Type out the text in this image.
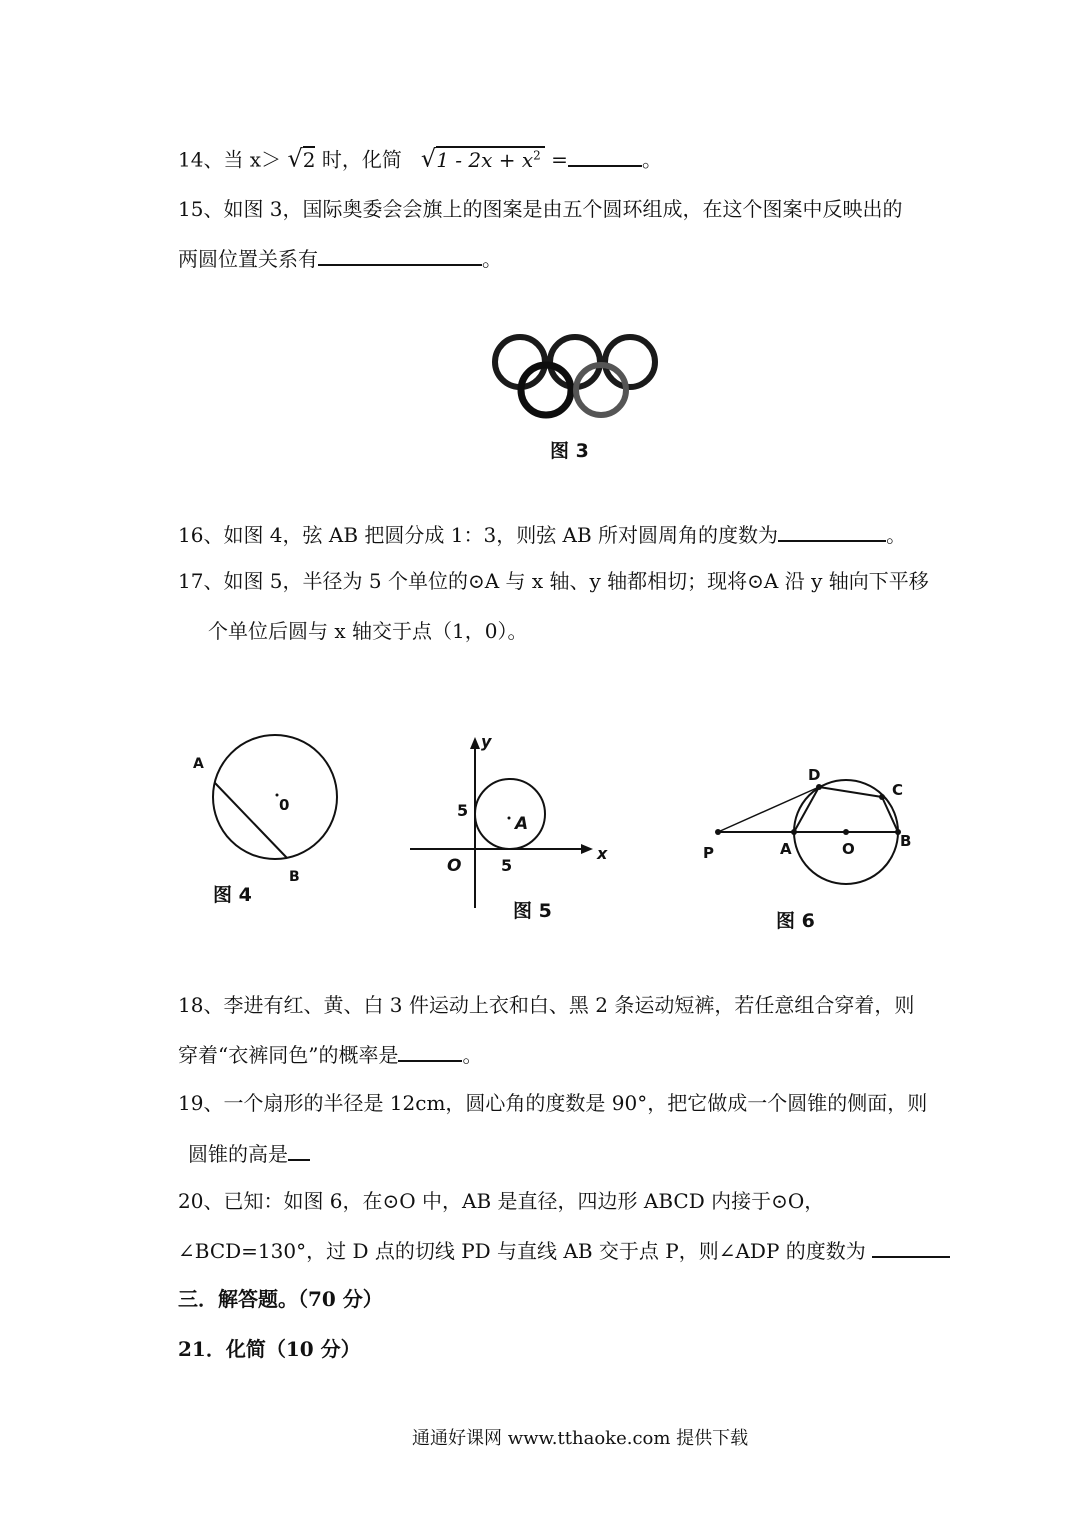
14、当 x＞ √2 时，化简 $√1 - 2x + x^2$ =	。
15、如图 3，国际奥委会会旗上的图案是由五个圆环组成，在这个图案中反映出的
两圆位置关系有	。
图 3
16、如图 4，弦 AB 把圆分成 1：3，则弦 AB 所对圆周角的度数为	。
17、如图 5，半径为 5 个单位的⊙A 与 x 轴、y 轴都相切；现将⊙A 沿 y 轴向下平移
个单位后圆与 x 轴交于点（1，0）。
A
0
B
图 4
y
x
O
5
5
A
图 5
P	A	O	B
C
D
图 6
18、李进有红、黄、白 3 件运动上衣和白、黑 2 条运动短裤，若任意组合穿着，则
穿着“衣裤同色”的概率是	。
19、一个扇形的半径是 12cm，圆心角的度数是 90°，把它做成一个圆锥的侧面，则
圆锥的高是
20、已知：如图 6，在⊙O 中，AB 是直径，四边形 ABCD 内接于⊙O，
∠BCD=130°，过 D 点的切线 PD 与直线 AB 交于点 P，则∠ADP 的度数为
三．解答题。（70 分）
21．化简（10 分）
通通好课网 www.tthaoke.com 提供下载
